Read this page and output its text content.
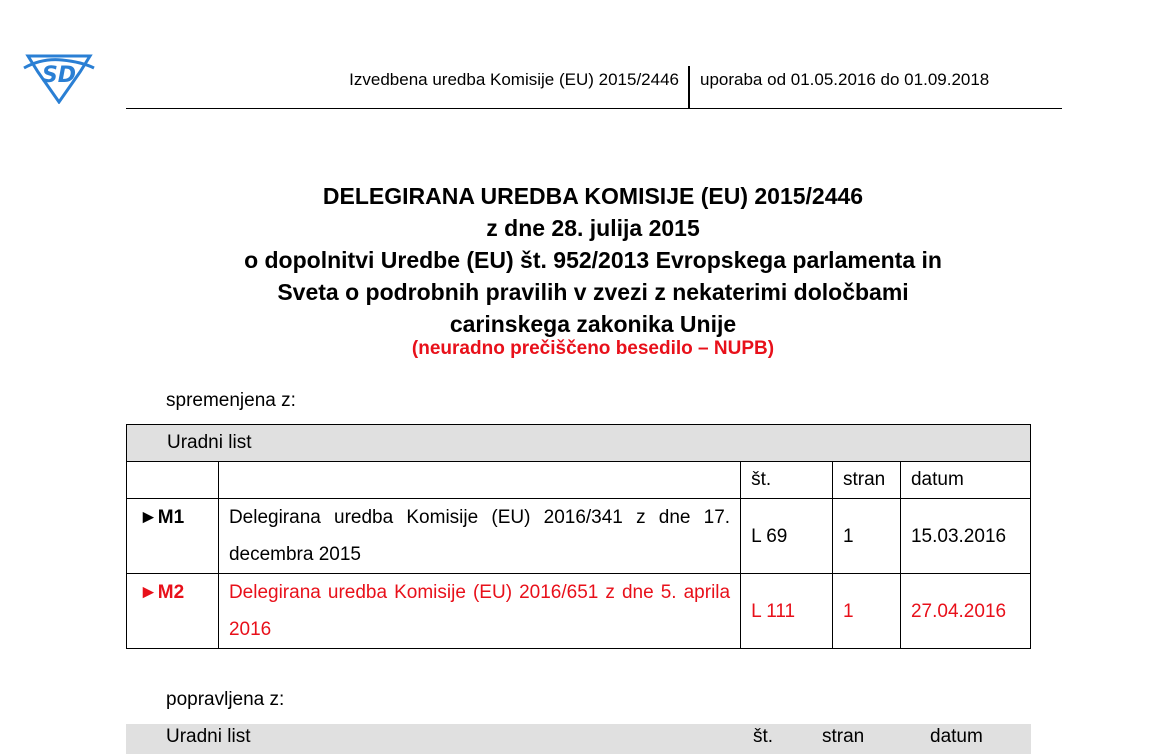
SD	Izvedbena uredba Komisije (EU) 2015/2446 uporaba od 01.05.2016 do 01.09.2018
DELEGIRANA UREDBA KOMISIJE (EU) 2015/2446
z dne 28. julija 2015
o dopolnitvi Uredbe (EU) št. 952/2013 Evropskega parlamenta in
Sveta o podrobnih pravilih v zvezi z nekaterimi določbami
carinskega zakonika Unije
(neuradno prečiščeno besedilo – NUPB)
spremenjena z:
Uradni list				
		št.	stran	datum
►M1	Delegirana uredba Komisije (EU) 2016/341 z dne 17. decembra 2015	L 69	1	15.03.2016
►M2	Delegirana uredba Komisije (EU) 2016/651 z dne 5. aprila 2016	L 111	1	27.04.2016
popravljena z:
Uradni list	št.	stran	datum
